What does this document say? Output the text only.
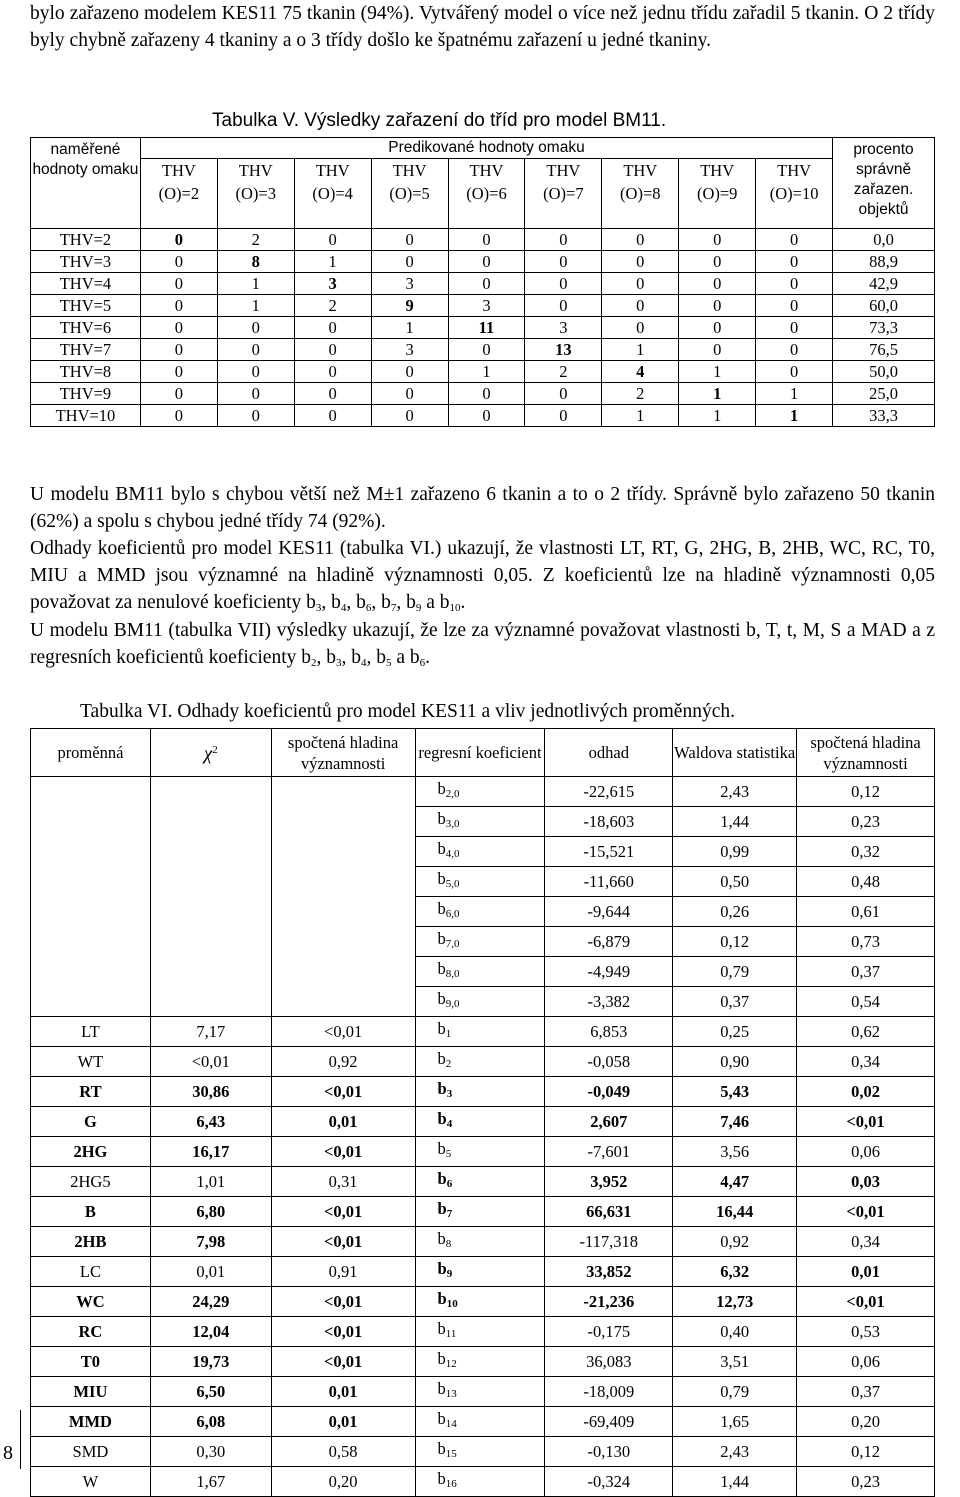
bylo zařazeno modelem KES11 75 tkanin (94%). Vytvářený model o více než jednu třídu zařadil 5 tkanin. O 2 třídy byly chybně zařazeny 4 tkaniny a o 3 třídy došlo ke špatnému zařazení u jedné tkaniny.
Tabulka V. Výsledky zařazení do tříd pro model BM11.
naměřené hodnoty omaku	Predikované hodnoty omaku									procento správně zařazen. objektů
	THV (O)=2	THV (O)=3	THV (O)=4	THV (O)=5	THV (O)=6	THV (O)=7	THV (O)=8	THV (O)=9	THV (O)=10	
THV=2	0	2	0	0	0	0	0	0	0	0,0
THV=3	0	8	1	0	0	0	0	0	0	88,9
THV=4	0	1	3	3	0	0	0	0	0	42,9
THV=5	0	1	2	9	3	0	0	0	0	60,0
THV=6	0	0	0	1	11	3	0	0	0	73,3
THV=7	0	0	0	3	0	13	1	0	0	76,5
THV=8	0	0	0	0	1	2	4	1	0	50,0
THV=9	0	0	0	0	0	0	2	1	1	25,0
THV=10	0	0	0	0	0	0	1	1	1	33,3
U modelu BM11 bylo s chybou větší než M±1 zařazeno 6 tkanin a to o 2 třídy. Správně bylo zařazeno 50 tkanin (62%) a spolu s chybou jedné třídy 74 (92%).
Odhady koeficientů pro model KES11 (tabulka VI.) ukazují, že vlastnosti LT, RT, G, 2HG, B, 2HB, WC, RC, T0, MIU a MMD jsou významné na hladině významnosti 0,05. Z koeficientů lze na hladině významnosti 0,05 považovat za nenulové koeficienty $b_3$, $b_4$, $b_6$, $b_7$, $b_9$ a $b_{10}$.
U modelu BM11 (tabulka VII) výsledky ukazují, že lze za významné považovat vlastnosti b, T, t, M, S a MAD a z regresních koeficientů koeficienty $b_2$, $b_3$, $b_4$, $b_5$ a $b_6$.
Tabulka VI. Odhady koeficientů pro model KES11 a vliv jednotlivých proměnných.
proměnná	$\chi^2$	spočtená hladina významnosti	regresní koeficient	odhad	Waldova statistika	spočtená hladina významnosti
			$b_{2,0}$	-22,615	2,43	0,12
			$b_{3,0}$	-18,603	1,44	0,23
			$b_{4,0}$	-15,521	0,99	0,32
			$b_{5,0}$	-11,660	0,50	0,48
			$b_{6,0}$	-9,644	0,26	0,61
			$b_{7,0}$	-6,879	0,12	0,73
			$b_{8,0}$	-4,949	0,79	0,37
			$b_{9,0}$	-3,382	0,37	0,54
LT	7,17	<0,01	$b_1$	6,853	0,25	0,62
WT	<0,01	0,92	$b_2$	-0,058	0,90	0,34
RT	30,86	<0,01	$b_3$	-0,049	5,43	0,02
G	6,43	0,01	$b_4$	2,607	7,46	<0,01
2HG	16,17	<0,01	$b_5$	-7,601	3,56	0,06
2HG5	1,01	0,31	$b_6$	3,952	4,47	0,03
B	6,80	<0,01	$b_7$	66,631	16,44	<0,01
2HB	7,98	<0,01	$b_8$	-117,318	0,92	0,34
LC	0,01	0,91	$b_9$	33,852	6,32	0,01
WC	24,29	<0,01	$b_{10}$	-21,236	12,73	<0,01
RC	12,04	<0,01	$b_{11}$	-0,175	0,40	0,53
T0	19,73	<0,01	$b_{12}$	36,083	3,51	0,06
MIU	6,50	0,01	$b_{13}$	-18,009	0,79	0,37
MMD	6,08	0,01	$b_{14}$	-69,409	1,65	0,20
SMD	0,30	0,58	$b_{15}$	-0,130	2,43	0,12
W	1,67	0,20	$b_{16}$	-0,324	1,44	0,23
8
